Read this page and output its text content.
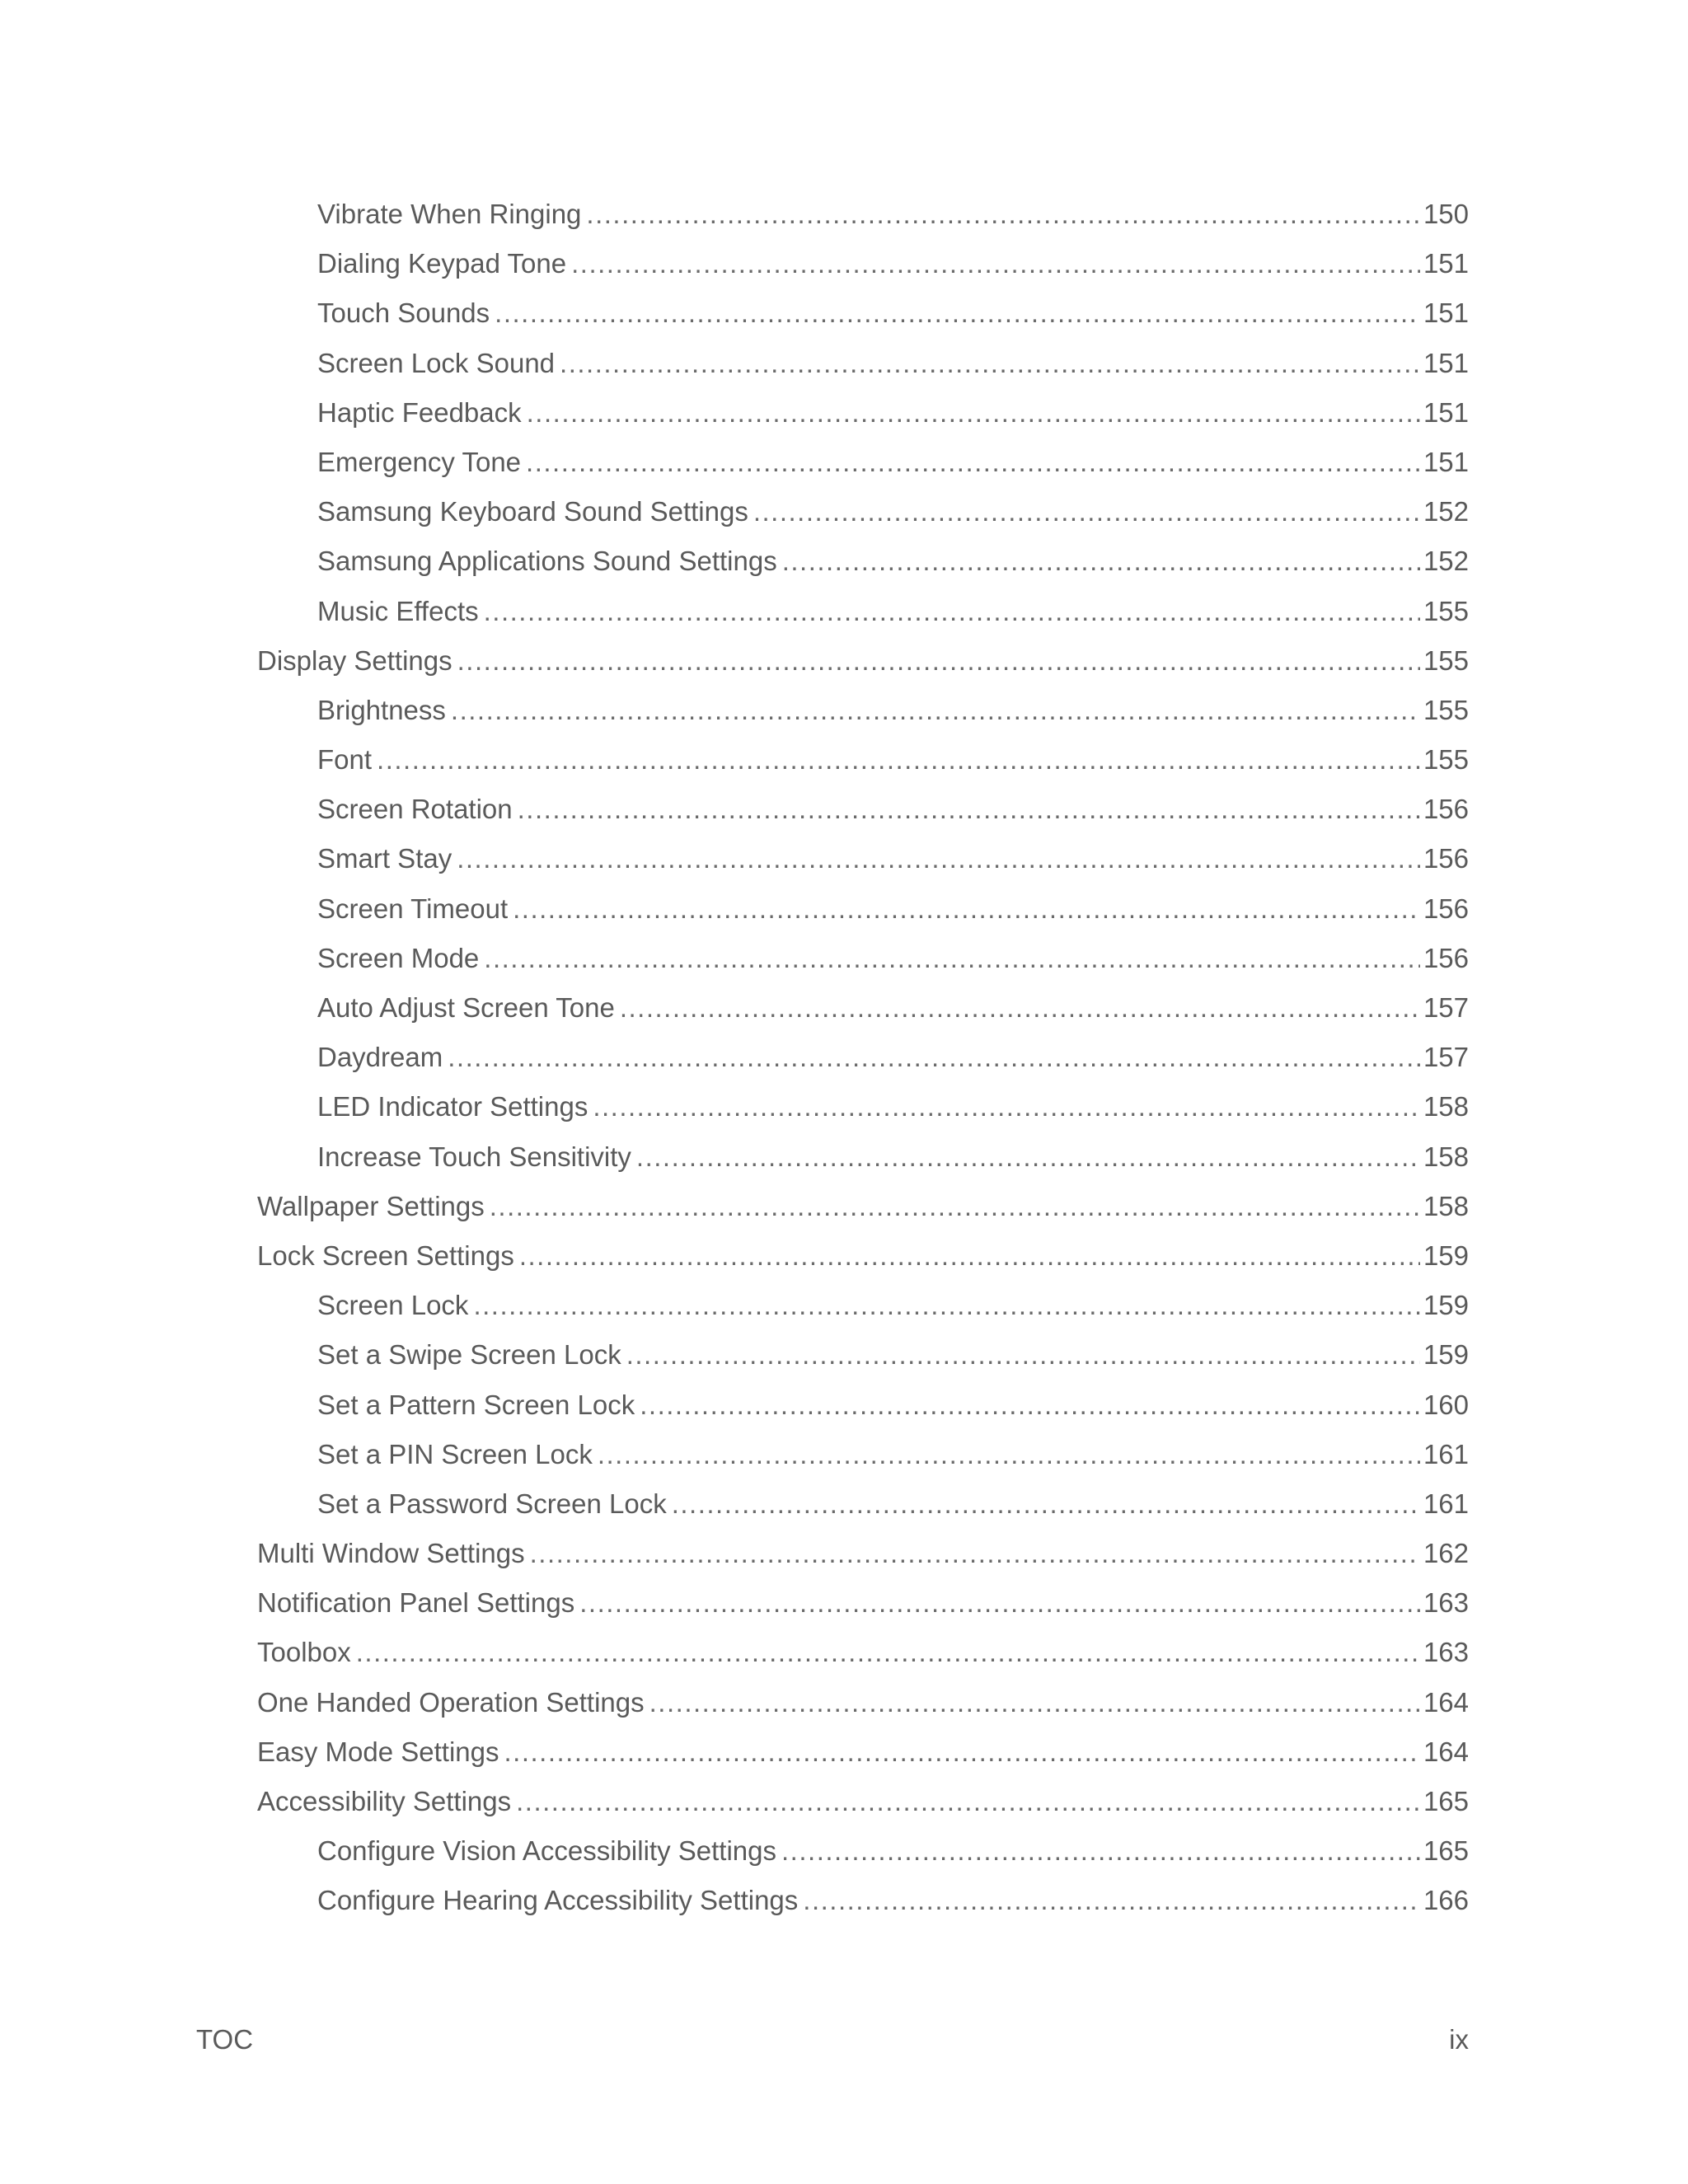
Vibrate When Ringing .....	150
Dialing Keypad Tone .....	151
Touch Sounds .....	151
Screen Lock Sound .....	151
Haptic Feedback .....	151
Emergency Tone .....	151
Samsung Keyboard Sound Settings .....	152
Samsung Applications Sound Settings .....	152
Music Effects .....	155
Display Settings .....	155
Brightness .....	155
Font .....	155
Screen Rotation .....	156
Smart Stay .....	156
Screen Timeout .....	156
Screen Mode .....	156
Auto Adjust Screen Tone .....	157
Daydream .....	157
LED Indicator Settings .....	158
Increase Touch Sensitivity .....	158
Wallpaper Settings .....	158
Lock Screen Settings .....	159
Screen Lock .....	159
Set a Swipe Screen Lock .....	159
Set a Pattern Screen Lock .....	160
Set a PIN Screen Lock .....	161
Set a Password Screen Lock .....	161
Multi Window Settings .....	162
Notification Panel Settings .....	163
Toolbox .....	163
One Handed Operation Settings .....	164
Easy Mode Settings .....	164
Accessibility Settings .....	165
Configure Vision Accessibility Settings .....	165
Configure Hearing Accessibility Settings .....	166
TOC	ix
